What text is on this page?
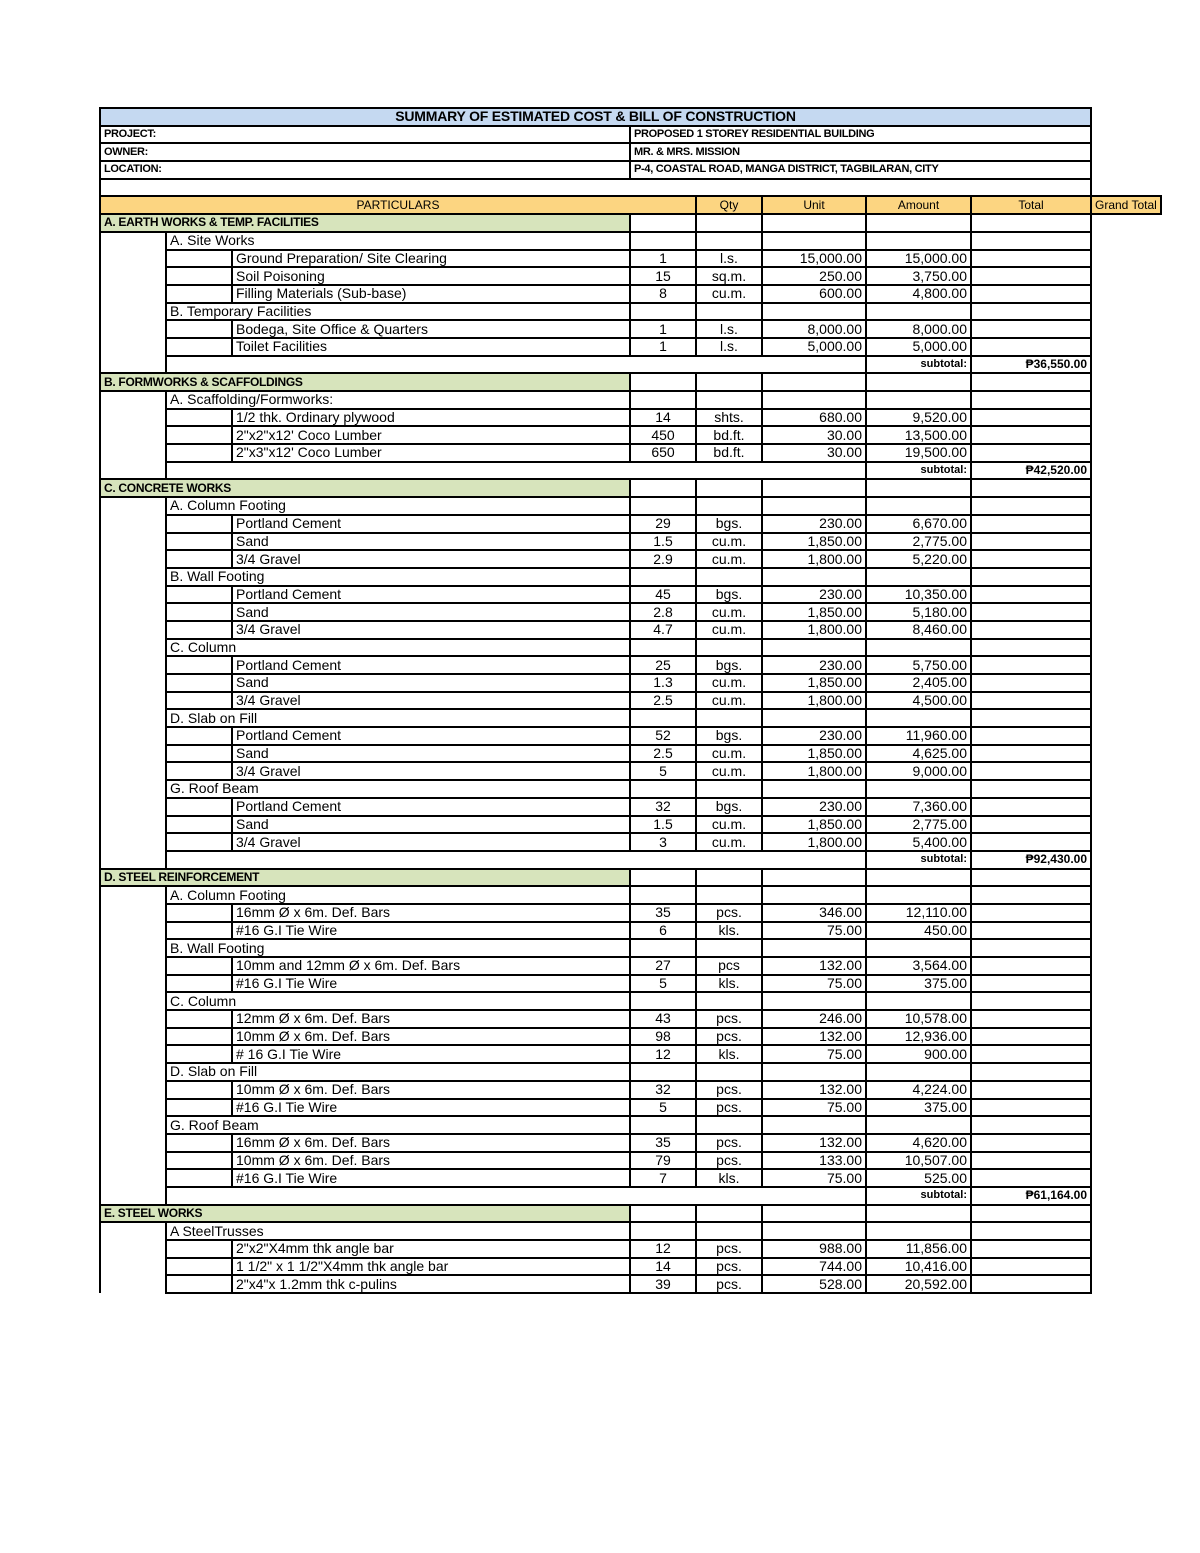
SUMMARY OF ESTIMATED COST & BILL OF CONSTRUCTION								
PROJECT:			PROPOSED 1 STOREY RESIDENTIAL BUILDING					
OWNER:			MR. & MRS. MISSION					
LOCATION:			P-4, COASTAL ROAD, MANGA DISTRICT, TAGBILARAN, CITY					

PARTICULARS				Qty	Unit	Amount	Total	Grand Total
A. EARTH WORKS & TEMP. FACILITIES								
	A. Site Works							
		Ground Preparation/ Site Clearing	1	l.s.	15,000.00	15,000.00		
		Soil Poisoning	15	sq.m.	250.00	3,750.00		
		Filling Materials (Sub-base)	8	cu.m.	600.00	4,800.00		
	B. Temporary Facilities							
		Bodega, Site Office & Quarters	1	l.s.	8,000.00	8,000.00		
		Toilet Facilities	1	l.s.	5,000.00	5,000.00		
						subtotal:	₱36,550.00	
B. FORMWORKS & SCAFFOLDINGS								
	A. Scaffolding/Formworks:							
		1/2 thk. Ordinary plywood	14	shts.	680.00	9,520.00		
		2"x2"x12' Coco Lumber	450	bd.ft.	30.00	13,500.00		
		2"x3"x12' Coco Lumber	650	bd.ft.	30.00	19,500.00		
						subtotal:	₱42,520.00	
C. CONCRETE WORKS								
	A. Column Footing							
		Portland Cement	29	bgs.	230.00	6,670.00		
		Sand	1.5	cu.m.	1,850.00	2,775.00		
		3/4 Gravel	2.9	cu.m.	1,800.00	5,220.00		
	B. Wall Footing							
		Portland Cement	45	bgs.	230.00	10,350.00		
		Sand	2.8	cu.m.	1,850.00	5,180.00		
		3/4 Gravel	4.7	cu.m.	1,800.00	8,460.00		
	C. Column							
		Portland Cement	25	bgs.	230.00	5,750.00		
		Sand	1.3	cu.m.	1,850.00	2,405.00		
		3/4 Gravel	2.5	cu.m.	1,800.00	4,500.00		
	D. Slab on Fill							
		Portland Cement	52	bgs.	230.00	11,960.00		
		Sand	2.5	cu.m.	1,850.00	4,625.00		
		3/4 Gravel	5	cu.m.	1,800.00	9,000.00		
	G. Roof Beam							
		Portland Cement	32	bgs.	230.00	7,360.00		
		Sand	1.5	cu.m.	1,850.00	2,775.00		
		3/4 Gravel	3	cu.m.	1,800.00	5,400.00		
						subtotal:	₱92,430.00	
D. STEEL REINFORCEMENT								
	A. Column Footing							
		16mm Ø x 6m. Def. Bars	35	pcs.	346.00	12,110.00		
		#16 G.I Tie Wire	6	kls.	75.00	450.00		
	B. Wall Footing							
		10mm and 12mm Ø x 6m. Def. Bars	27	pcs	132.00	3,564.00		
		#16 G.I Tie Wire	5	kls.	75.00	375.00		
	C. Column							
		12mm Ø x 6m. Def. Bars	43	pcs.	246.00	10,578.00		
		10mm Ø x 6m. Def. Bars	98	pcs.	132.00	12,936.00		
		# 16 G.I Tie Wire	12	kls.	75.00	900.00		
	D. Slab on Fill							
		10mm Ø x 6m. Def. Bars	32	pcs.	132.00	4,224.00		
		#16 G.I Tie Wire	5	pcs.	75.00	375.00		
	G. Roof Beam							
		16mm Ø x 6m. Def. Bars	35	pcs.	132.00	4,620.00		
		10mm Ø x 6m. Def. Bars	79	pcs.	133.00	10,507.00		
		#16 G.I Tie Wire	7	kls.	75.00	525.00		
						subtotal:	₱61,164.00	
E. STEEL WORKS								
	A SteelTrusses							
		2"x2"X4mm thk angle bar	12	pcs.	988.00	11,856.00		
		1 1/2" x 1 1/2"X4mm thk angle bar	14	pcs.	744.00	10,416.00		
		2"x4"x 1.2mm thk c-pulins	39	pcs.	528.00	20,592.00		
